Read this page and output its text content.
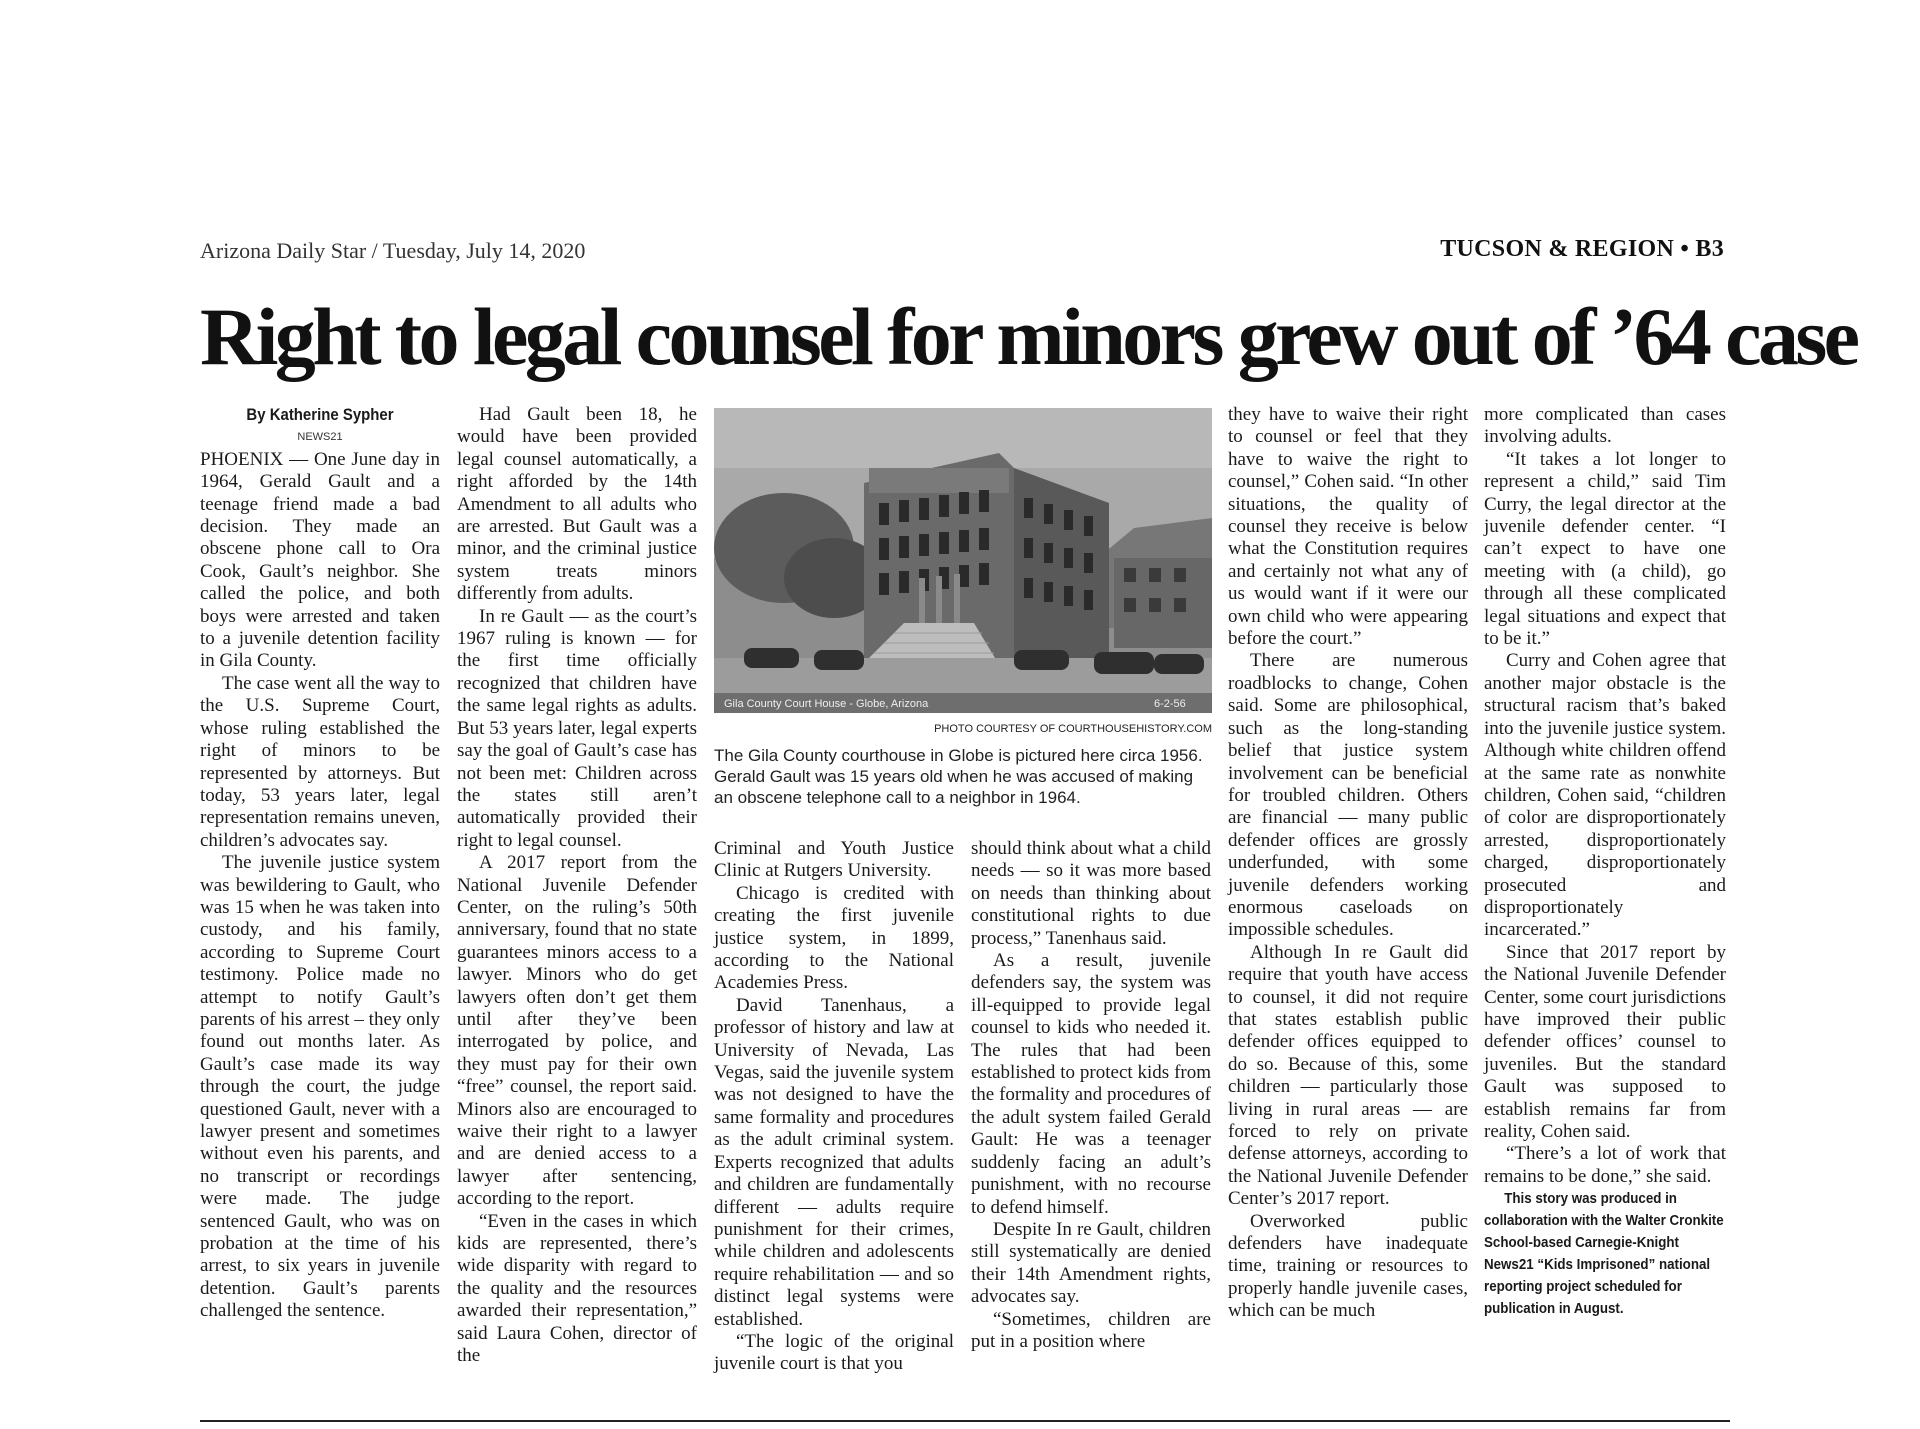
Arizona Daily Star / Tuesday, July 14, 2020	TUCSON & REGION • B3
Right to legal counsel for minors grew out of ’64 case

By Katherine Sypher

NEWS21

PHOENIX — One June day in 1964, Gerald Gault and a teenage friend made a bad decision. They made an obscene phone call to Ora Cook, Gault’s neighbor. She called the police, and both boys were arrested and taken to a juvenile detention facility in Gila County.

The case went all the way to the U.S. Supreme Court, whose ruling established the right of minors to be represented by attorneys. But today, 53 years later, legal representation remains uneven, children’s advocates say.

The juvenile justice system was bewildering to Gault, who was 15 when he was taken into custody, and his family, according to Supreme Court testimony. Police made no attempt to notify Gault’s parents of his arrest – they only found out months later. As Gault’s case made its way through the court, the judge questioned Gault, never with a lawyer present and sometimes without even his parents, and no transcript or recordings were made. The judge sentenced Gault, who was on probation at the time of his arrest, to six years in juvenile detention. Gault’s parents challenged the sentence.

Had Gault been 18, he would have been provided legal counsel automatically, a right afforded by the 14th Amendment to all adults who are arrested. But Gault was a minor, and the criminal justice system treats minors differently from adults.

In re Gault — as the court’s 1967 ruling is known — for the first time officially recognized that children have the same legal rights as adults. But 53 years later, legal experts say the goal of Gault’s case has not been met: Children across the states still aren’t automatically provided their right to legal counsel.

A 2017 report from the National Juvenile Defender Center, on the ruling’s 50th anniversary, found that no state guarantees minors access to a lawyer. Minors who do get lawyers often don’t get them until after they’ve been interrogated by police, and they must pay for their own “free” counsel, the report said. Minors also are encouraged to waive their right to a lawyer and are denied access to a lawyer after sentencing, according to the report.

“Even in the cases in which kids are represented, there’s wide disparity with regard to the quality and the resources awarded their representation,” said Laura Cohen, director of the

Gila County Court House - Globe, Arizona	6-2-56
PHOTO COURTESY OF COURTHOUSEHISTORY.COM
The Gila County courthouse in Globe is pictured here circa 1956. Gerald Gault was 15 years old when he was accused of making an obscene telephone call to a neighbor in 1964.

Criminal and Youth Justice Clinic at Rutgers University.

Chicago is credited with creating the first juvenile justice system, in 1899, according to the National Academies Press.

David Tanenhaus, a professor of history and law at University of Nevada, Las Vegas, said the juvenile system was not designed to have the same formality and procedures as the adult criminal system. Experts recognized that adults and children are fundamentally different — adults require punishment for their crimes, while children and adolescents require rehabilitation — and so distinct legal systems were established.

“The logic of the original juvenile court is that you

should think about what a child needs — so it was more based on needs than thinking about constitutional rights to due process,” Tanenhaus said.

As a result, juvenile defenders say, the system was ill-equipped to provide legal counsel to kids who needed it. The rules that had been established to protect kids from the formality and procedures of the adult system failed Gerald Gault: He was a teenager suddenly facing an adult’s punishment, with no recourse to defend himself.

Despite In re Gault, children still systematically are denied their 14th Amendment rights, advocates say.

“Sometimes, children are put in a position where

they have to waive their right to counsel or feel that they have to waive the right to counsel,” Cohen said. “In other situations, the quality of counsel they receive is below what the Constitution requires and certainly not what any of us would want if it were our own child who were appearing before the court.”

There are numerous roadblocks to change, Cohen said. Some are philosophical, such as the long-standing belief that justice system involvement can be beneficial for troubled children. Others are financial — many public defender offices are grossly underfunded, with some juvenile defenders working enormous caseloads on impossible schedules.

Although In re Gault did require that youth have access to counsel, it did not require that states establish public defender offices equipped to do so. Because of this, some children — particularly those living in rural areas — are forced to rely on private defense attorneys, according to the National Juvenile Defender Center’s 2017 report.

Overworked public defenders have inadequate time, training or resources to properly handle juvenile cases, which can be much

more complicated than cases involving adults.

“It takes a lot longer to represent a child,” said Tim Curry, the legal director at the juvenile defender center. “I can’t expect to have one meeting with (a child), go through all these complicated legal situations and expect that to be it.”

Curry and Cohen agree that another major obstacle is the structural racism that’s baked into the juvenile justice system. Although white children offend at the same rate as nonwhite children, Cohen said, “children of color are disproportionately arrested, disproportionately charged, disproportionately prosecuted and disproportionately incarcerated.”

Since that 2017 report by the National Juvenile Defender Center, some court jurisdictions have improved their public defender offices’ counsel to juveniles. But the standard Gault was supposed to establish remains far from reality, Cohen said.

“There’s a lot of work that remains to be done,” she said.

This story was produced in collaboration with the Walter Cronkite School-based Carnegie-Knight News21 “Kids Imprisoned” national reporting project scheduled for publication in August.
